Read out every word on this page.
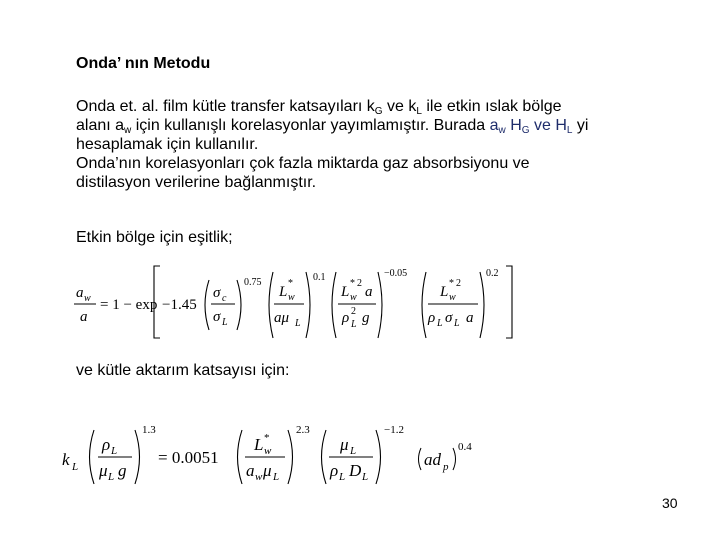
Onda’ nın Metodu
Onda et. al. film kütle transfer katsayıları $k_G$ ve $k_L$ ile etkin ıslak bölge
alanı $a_w$ için kullanışlı korelasyonlar yayımlamıştır. Burada $a_w$ $H_G$ ve $H_L$ yi
hesaplamak için kullanılır.
Onda’nın korelasyonları çok fazla miktarda gaz absorbsiyonu ve
distilasyon verilerine bağlanmıştır.
Etkin bölge için eşitlik;
a w
a
= 1 − exp −1.45
σ c
σ L
0.75
L
*
w
aμ L
0.1
L
* 2
w a
ρ 2
L g
−0.05
L
* 2
w
ρ L σ L a
0.2
ve kütle aktarım katsayısı için:
k L
ρ L
μ L g
1.3
= 0.0051
L *
w
a w μ L
2.3
μ L
ρ L D L
−1.2
ad p
0.4
30
